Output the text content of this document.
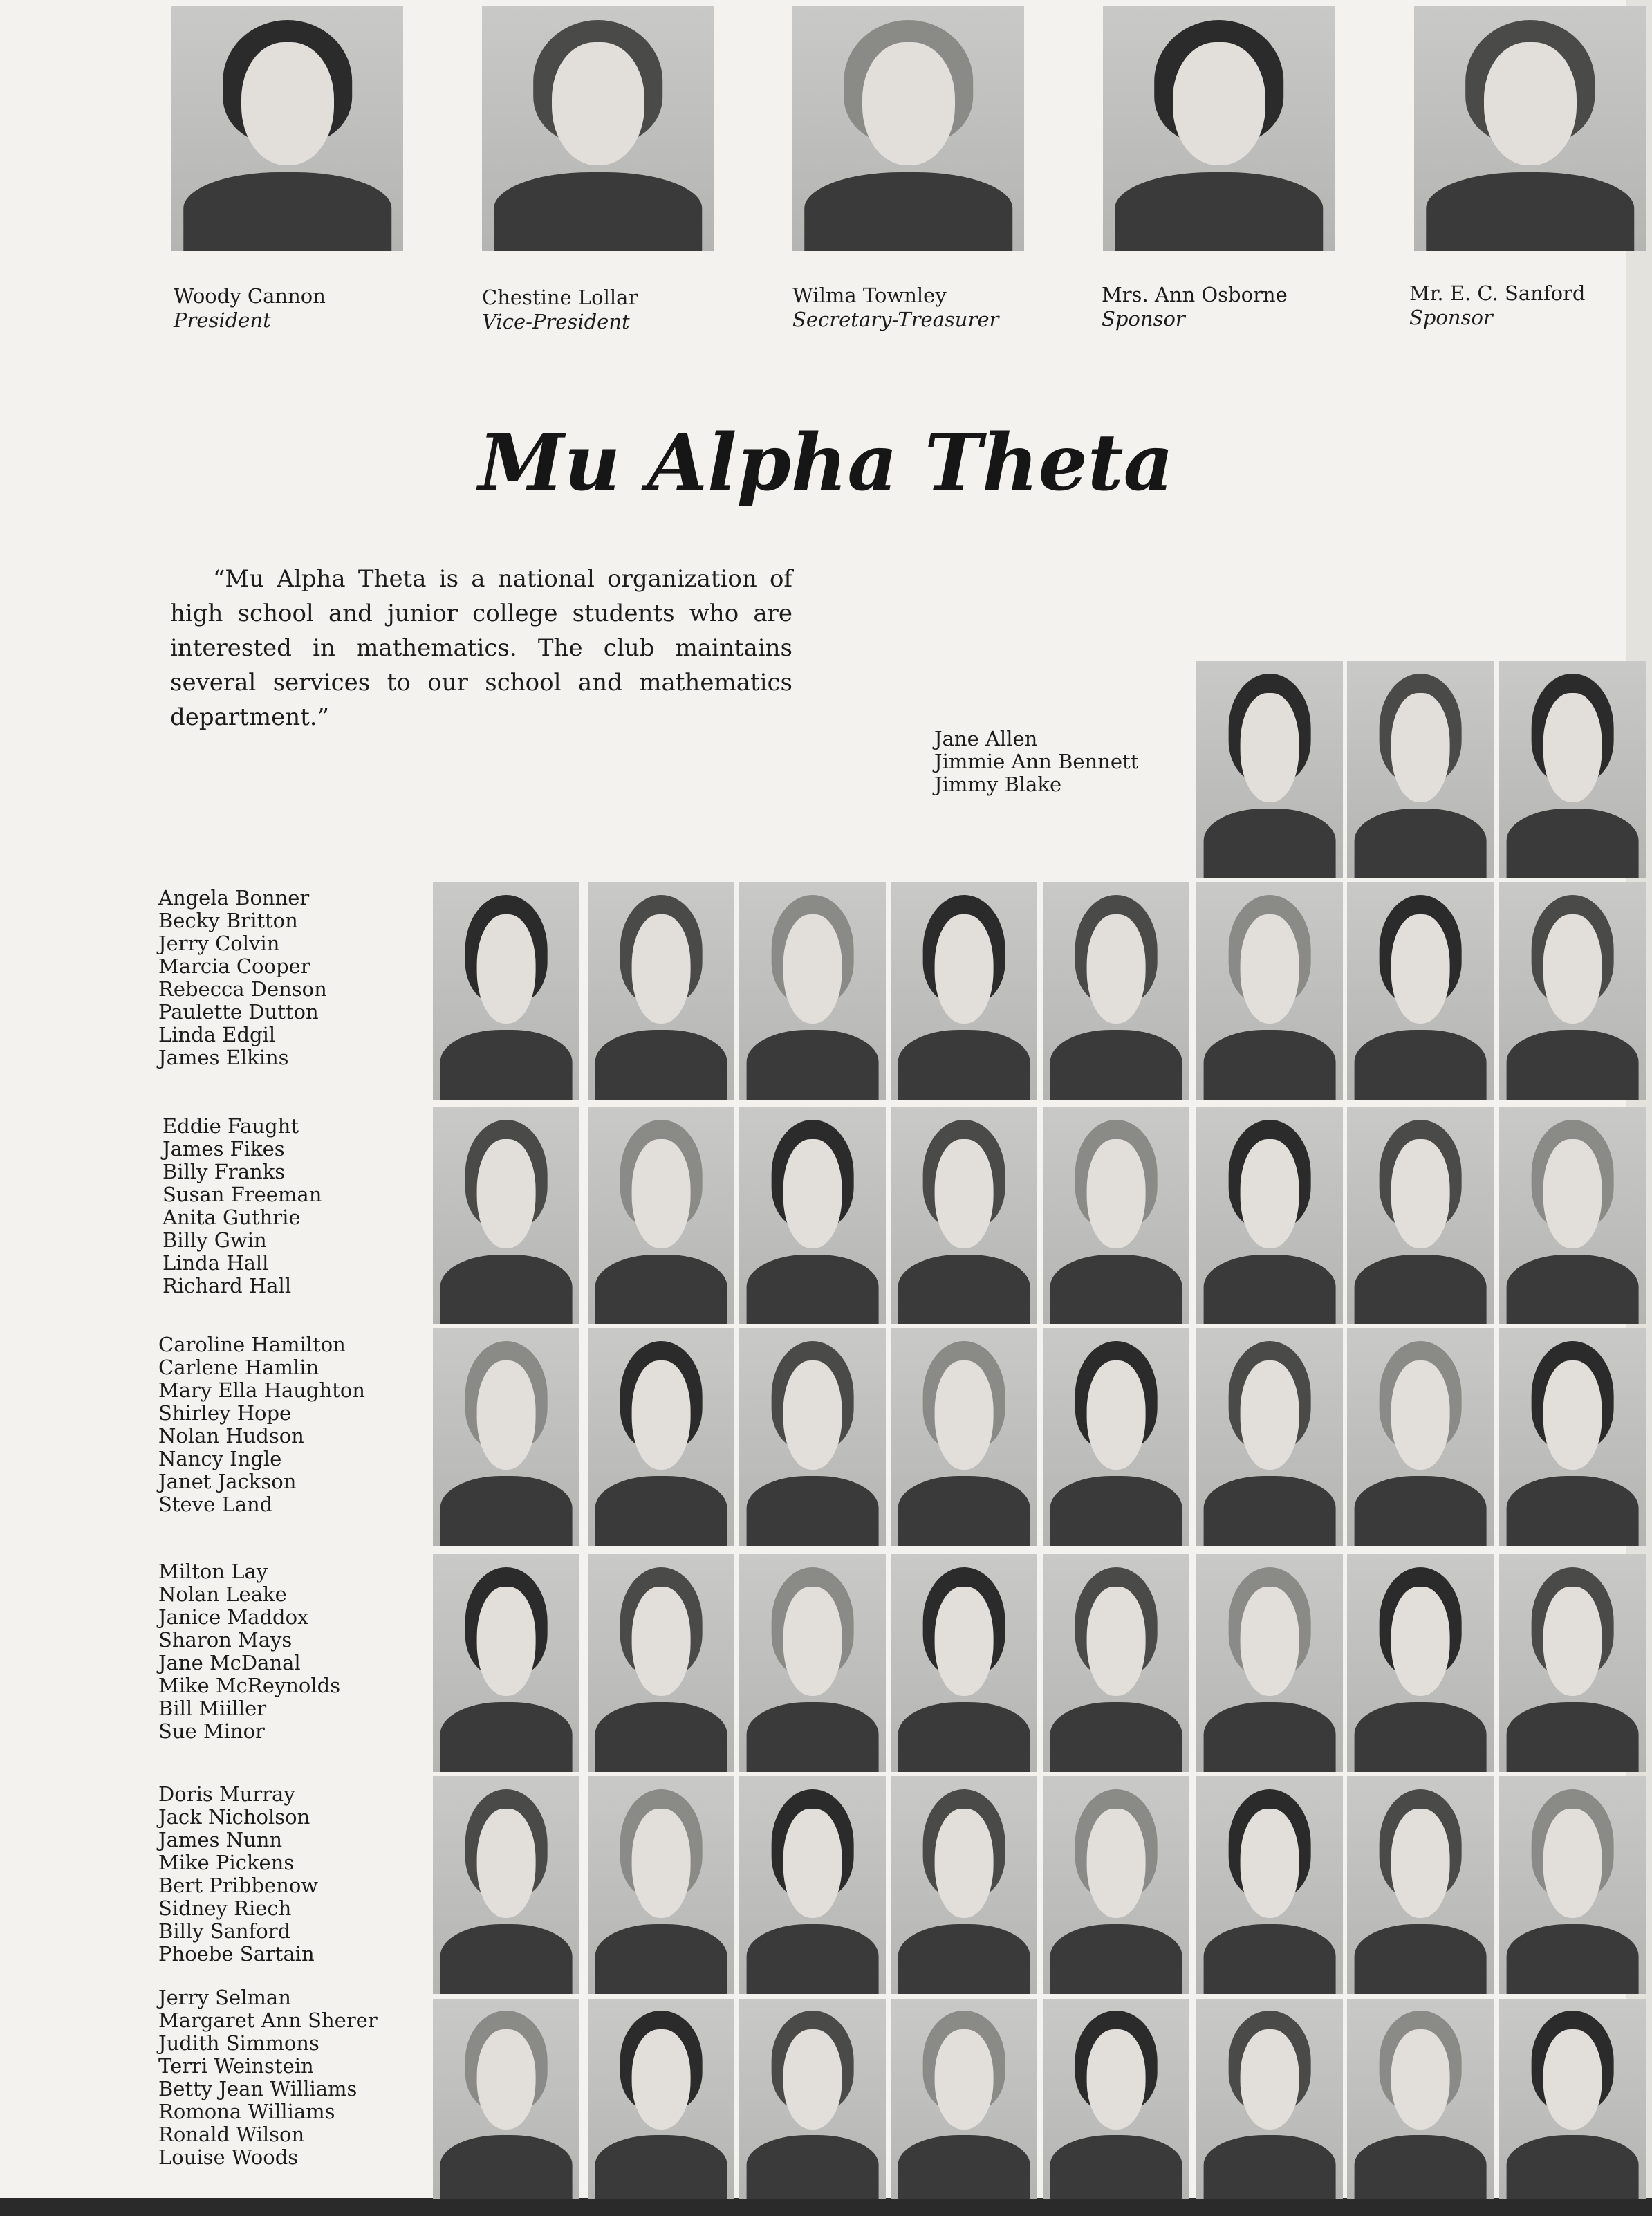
Woody Cannon
President
Chestine Lollar
Vice-President
Wilma Townley
Secretary-Treasurer
Mrs. Ann Osborne
Sponsor
Mr. E. C. Sanford
Sponsor
Mu Alpha Theta

“Mu Alpha Theta is a national organization of high school and junior college students who are interested in mathematics. The club maintains several services to our school and mathematics department.”

Jane Allen
Jimmie Ann Bennett
Jimmy Blake
Angela Bonner
Becky Britton
Jerry Colvin
Marcia Cooper
Rebecca Denson
Paulette Dutton
Linda Edgil
James Elkins
Eddie Faught
James Fikes
Billy Franks
Susan Freeman
Anita Guthrie
Billy Gwin
Linda Hall
Richard Hall
Caroline Hamilton
Carlene Hamlin
Mary Ella Haughton
Shirley Hope
Nolan Hudson
Nancy Ingle
Janet Jackson
Steve Land
Milton Lay
Nolan Leake
Janice Maddox
Sharon Mays
Jane McDanal
Mike McReynolds
Bill Miiller
Sue Minor
Doris Murray
Jack Nicholson
James Nunn
Mike Pickens
Bert Pribbenow
Sidney Riech
Billy Sanford
Phoebe Sartain
Jerry Selman
Margaret Ann Sherer
Judith Simmons
Terri Weinstein
Betty Jean Williams
Romona Williams
Ronald Wilson
Louise Woods
